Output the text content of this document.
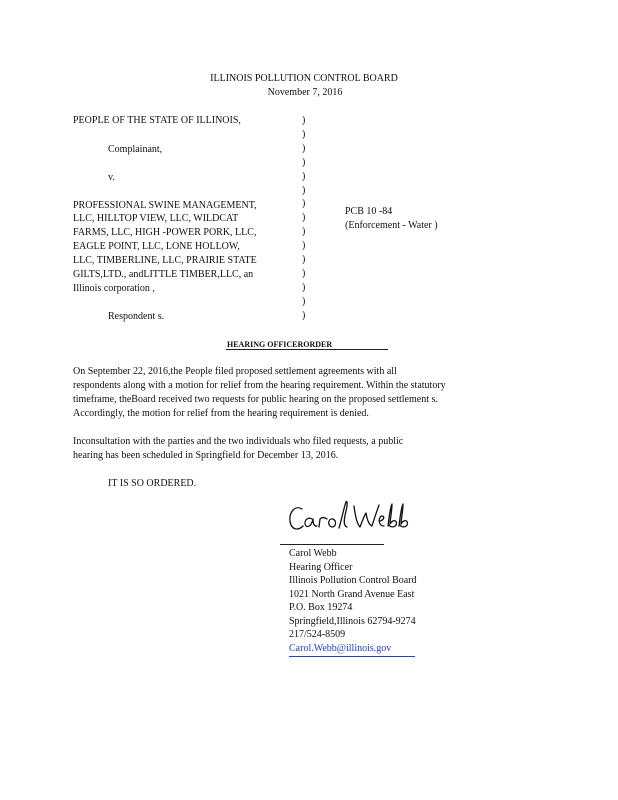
ILLINOIS POLLUTION CONTROL BOARD
November 7, 2016
PEOPLE OF THE STATE OF ILLINOIS,
Complainant,
v.
PROFESSIONAL SWINE MANAGEMENT,
LLC, HILLTOP VIEW, LLC, WILDCAT
FARMS, LLC, HIGH -POWER PORK, LLC,
EAGLE POINT, LLC, LONE HOLLOW,
LLC, TIMBERLINE, LLC, PRAIRIE STATE
GILTS,LTD., andLITTLE TIMBER,LLC, an
Illinois corporation ,
Respondent s.
)
)
)
)
)
)
)
)
)
)
)
)
)
)
)
PCB 10 -84
(Enforcement - Water )
HEARING OFFICERORDER
On September 22, 2016,the People filed proposed settlement agreements with all
respondents along with a motion for relief from the hearing requirement. Within the statutory
timeframe, theBoard received two requests for public hearing on the proposed settlement s.
Accordingly, the motion for relief from the hearing requirement is denied.
Inconsultation with the parties and the two individuals who filed requests, a public
hearing has been scheduled in Springfield for December 13, 2016.
IT IS SO ORDERED.
Carol Webb
Hearing Officer
Illinois Pollution Control Board
1021 North Grand Avenue East
P.O. Box 19274
Springfield,Illinois 62794-9274
217/524-8509
Carol.Webb@illinois.gov
